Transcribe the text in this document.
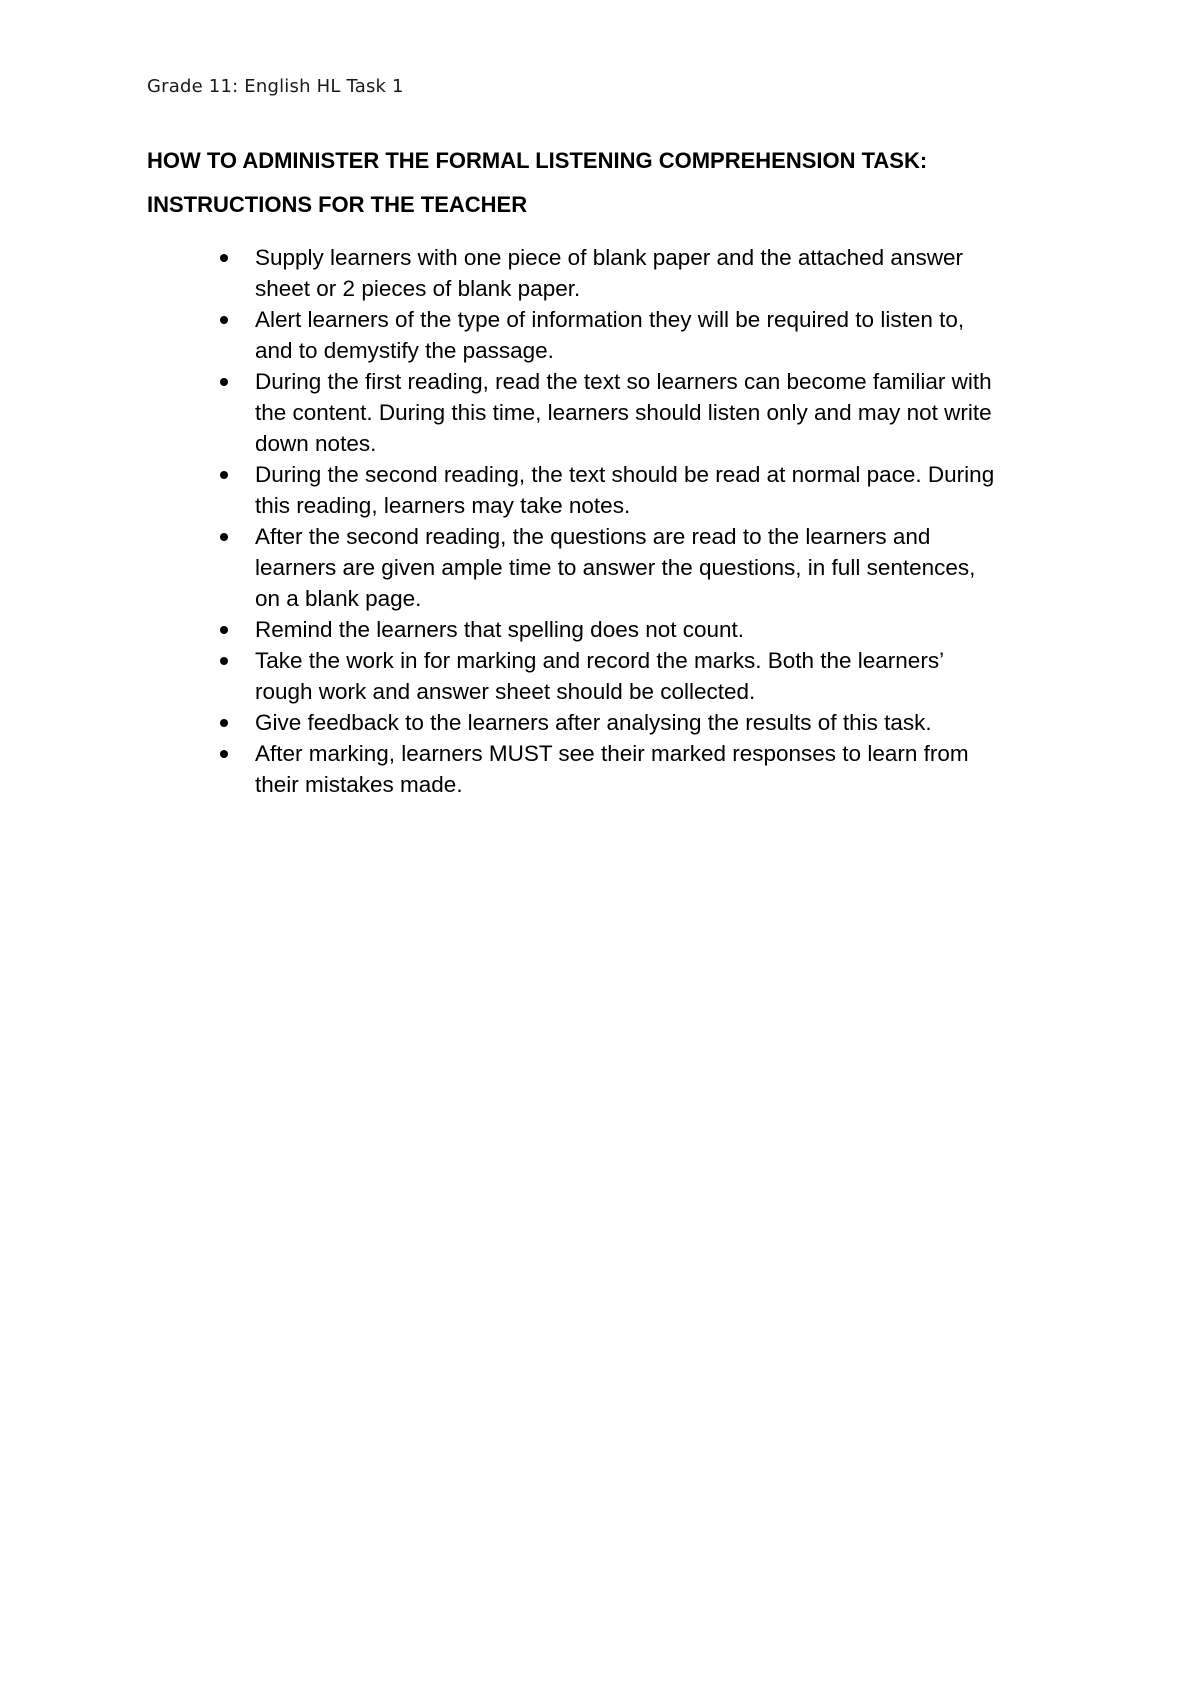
Grade 11: English HL Task 1
HOW TO ADMINISTER THE FORMAL LISTENING COMPREHENSION TASK:
INSTRUCTIONS FOR THE TEACHER
Supply learners with one piece of blank paper and the attached answer
sheet or 2 pieces of blank paper.
Alert learners of the type of information they will be required to listen to,
and to demystify the passage.
During the first reading, read the text so learners can become familiar with
the content. During this time, learners should listen only and may not write
down notes.
During the second reading, the text should be read at normal pace. During
this reading, learners may take notes.
After the second reading, the questions are read to the learners and
learners are given ample time to answer the questions, in full sentences,
on a blank page.
Remind the learners that spelling does not count.
Take the work in for marking and record the marks. Both the learners’
rough work and answer sheet should be collected.
Give feedback to the learners after analysing the results of this task.
After marking, learners MUST see their marked responses to learn from
their mistakes made.
